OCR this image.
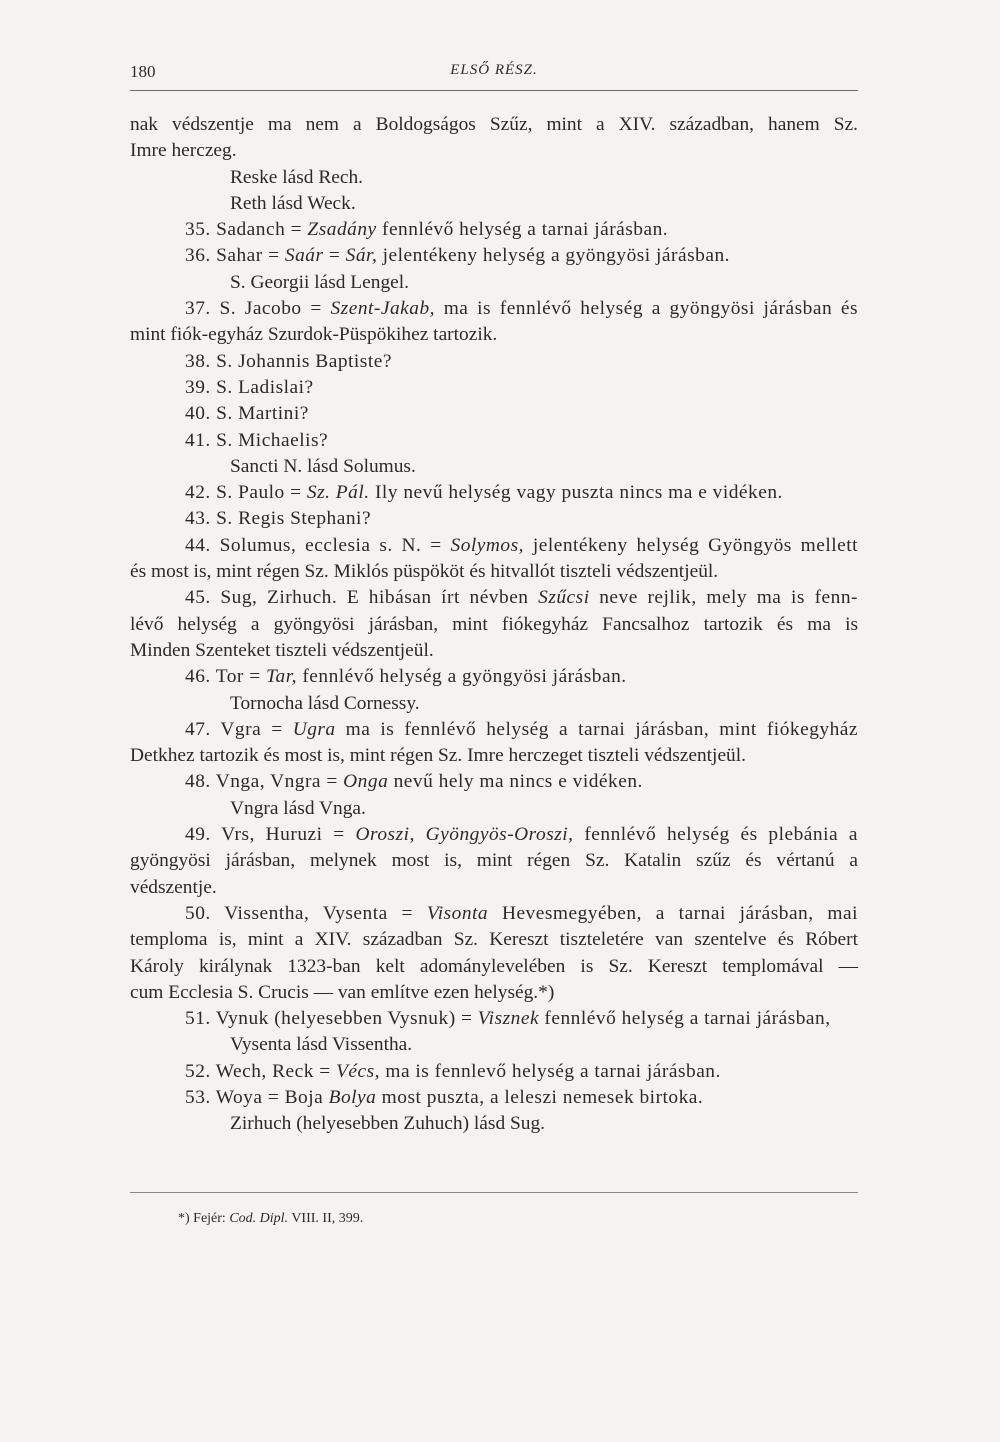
180	ELSŐ RÉSZ.
nak védszentje ma nem a Boldogságos Szűz, mint a XIV. században, hanem Sz.
Imre herczeg.
Reske lásd Rech.
Reth lásd Weck.
35. Sadanch = Zsadány fennlévő helység a tarnai járásban.
36. Sahar = Saár = Sár, jelentékeny helység a gyöngyösi járásban.
S. Georgii lásd Lengel.
37. S. Jacobo = Szent-Jakab, ma is fennlévő helység a gyöngyösi járásban és
mint fiók-egyház Szurdok-Püspökihez tartozik.
38. S. Johannis Baptiste?
39. S. Ladislai?
40. S. Martini?
41. S. Michaelis?
Sancti N. lásd Solumus.
42. S. Paulo = Sz. Pál. Ily nevű helység vagy puszta nincs ma e vidéken.
43. S. Regis Stephani?
44. Solumus, ecclesia s. N. = Solymos, jelentékeny helység Gyöngyös mellett
és most is, mint régen Sz. Miklós püspököt és hitvallót tiszteli védszentjeül.
45. Sug, Zirhuch. E hibásan írt névben Szűcsi neve rejlik, mely ma is fenn-
lévő helység a gyöngyösi járásban, mint fiókegyház Fancsalhoz tartozik és ma is
Minden Szenteket tiszteli védszentjeül.
46. Tor = Tar, fennlévő helység a gyöngyösi járásban.
Tornocha lásd Cornessy.
47. Vgra = Ugra ma is fennlévő helység a tarnai járásban, mint fiókegyház
Detkhez tartozik és most is, mint régen Sz. Imre herczeget tiszteli védszentjeül.
48. Vnga, Vngra = Onga nevű hely ma nincs e vidéken.
Vngra lásd Vnga.
49. Vrs, Huruzi = Oroszi, Gyöngyös-Oroszi, fennlévő helység és plebánia a
gyöngyösi járásban, melynek most is, mint régen Sz. Katalin szűz és vértanú a
védszentje.
50. Vissentha, Vysenta = Visonta Hevesmegyében, a tarnai járásban, mai
temploma is, mint a XIV. században Sz. Kereszt tiszteletére van szentelve és Róbert
Károly királynak 1323-ban kelt adománylevelében is Sz. Kereszt templomával —
cum Ecclesia S. Crucis — van említve ezen helység.*)
51. Vynuk (helyesebben Vysnuk) = Visznek fennlévő helység a tarnai járásban,
Vysenta lásd Vissentha.
52. Wech, Reck = Vécs, ma is fennlevő helység a tarnai járásban.
53. Woya = Boja Bolya most puszta, a leleszi nemesek birtoka.
Zirhuch (helyesebben Zuhuch) lásd Sug.
*) Fejér: Cod. Dipl. VIII. II, 399.
